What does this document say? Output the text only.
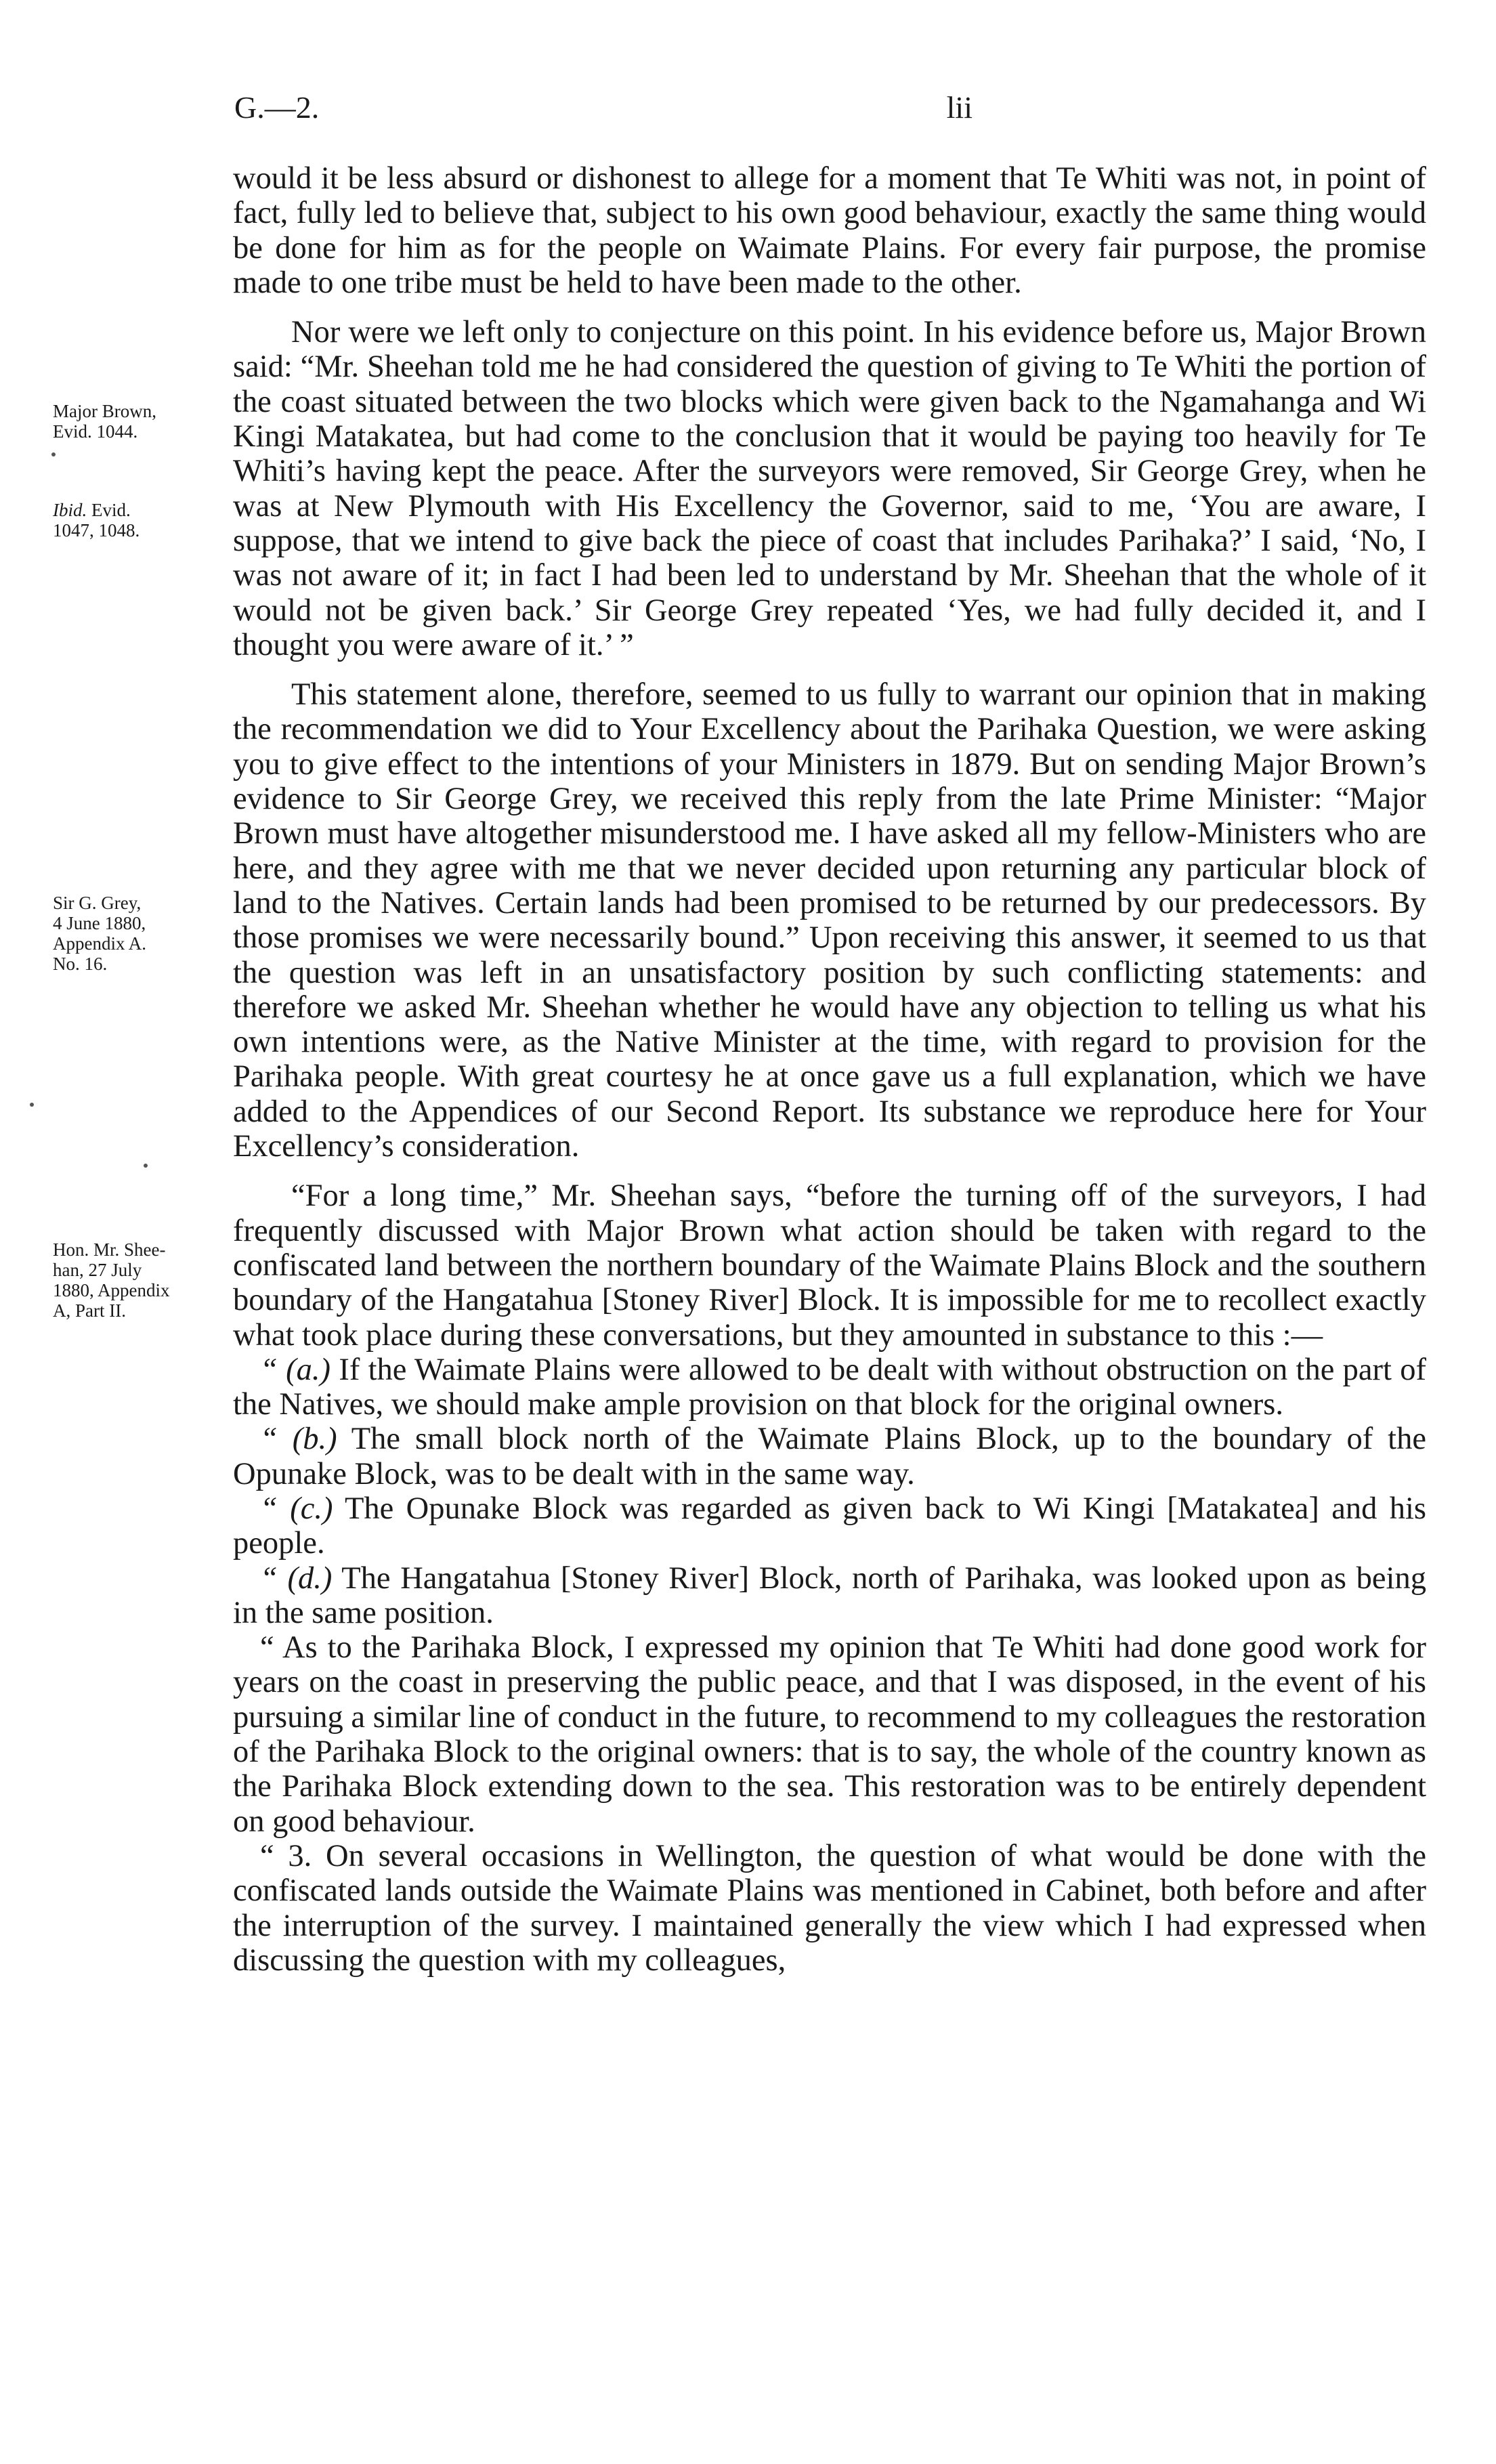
G.—2.	lii
Major Brown,
Evid. 1044.
Ibid. Evid.
1047, 1048.
Sir G. Grey,
4 June 1880,
Appendix A.
No. 16.
Hon. Mr. Shee-
han, 27 July
1880, Appendix
A, Part II.

would it be less absurd or dishonest to allege for a moment that Te Whiti was not, in point of fact, fully led to believe that, subject to his own good behaviour, exactly the same thing would be done for him as for the people on Waimate Plains. For every fair purpose, the promise made to one tribe must be held to have been made to the other.

Nor were we left only to conjecture on this point. In his evidence before us, Major Brown said: “Mr. Sheehan told me he had considered the question of giving to Te Whiti the portion of the coast situated between the two blocks which were given back to the Ngamahanga and Wi Kingi Matakatea, but had come to the conclusion that it would be paying too heavily for Te Whiti’s having kept the peace. After the surveyors were removed, Sir George Grey, when he was at New Plymouth with His Excellency the Governor, said to me, ‘You are aware, I suppose, that we intend to give back the piece of coast that includes Parihaka?’ I said, ‘No, I was not aware of it; in fact I had been led to understand by Mr. Sheehan that the whole of it would not be given back.’ Sir George Grey repeated ‘Yes, we had fully decided it, and I thought you were aware of it.’ ”

This statement alone, therefore, seemed to us fully to warrant our opinion that in making the recommendation we did to Your Excellency about the Parihaka Question, we were asking you to give effect to the intentions of your Ministers in 1879. But on sending Major Brown’s evidence to Sir George Grey, we received this reply from the late Prime Minister: “Major Brown must have altogether misunderstood me. I have asked all my fellow-Ministers who are here, and they agree with me that we never decided upon returning any particular block of land to the Natives. Certain lands had been promised to be returned by our predecessors. By those promises we were necessarily bound.” Upon receiving this answer, it seemed to us that the question was left in an unsatisfactory position by such conflicting statements: and therefore we asked Mr. Sheehan whether he would have any objection to telling us what his own intentions were, as the Native Minister at the time, with regard to provision for the Parihaka people. With great courtesy he at once gave us a full explanation, which we have added to the Appendices of our Second Report. Its substance we reproduce here for Your Excellency’s consideration.

“For a long time,” Mr. Sheehan says, “before the turning off of the surveyors, I had frequently discussed with Major Brown what action should be taken with regard to the confiscated land between the northern boundary of the Waimate Plains Block and the southern boundary of the Hangatahua [Stoney River] Block. It is impossible for me to recollect exactly what took place during these conversations, but they amounted in substance to this :—

“ (a.) If the Waimate Plains were allowed to be dealt with without obstruction on the part of the Natives, we should make ample provision on that block for the original owners.

“ (b.) The small block north of the Waimate Plains Block, up to the boundary of the Opunake Block, was to be dealt with in the same way.

“ (c.) The Opunake Block was regarded as given back to Wi Kingi [Matakatea] and his people.

“ (d.) The Hangatahua [Stoney River] Block, north of Parihaka, was looked upon as being in the same position.

“ As to the Parihaka Block, I expressed my opinion that Te Whiti had done good work for years on the coast in preserving the public peace, and that I was disposed, in the event of his pursuing a similar line of conduct in the future, to recommend to my colleagues the restoration of the Parihaka Block to the original owners: that is to say, the whole of the country known as the Parihaka Block extending down to the sea. This restoration was to be entirely dependent on good behaviour.

“ 3. On several occasions in Wellington, the question of what would be done with the confiscated lands outside the Waimate Plains was mentioned in Cabinet, both before and after the interruption of the survey. I maintained generally the view which I had expressed when discussing the question with my colleagues,
